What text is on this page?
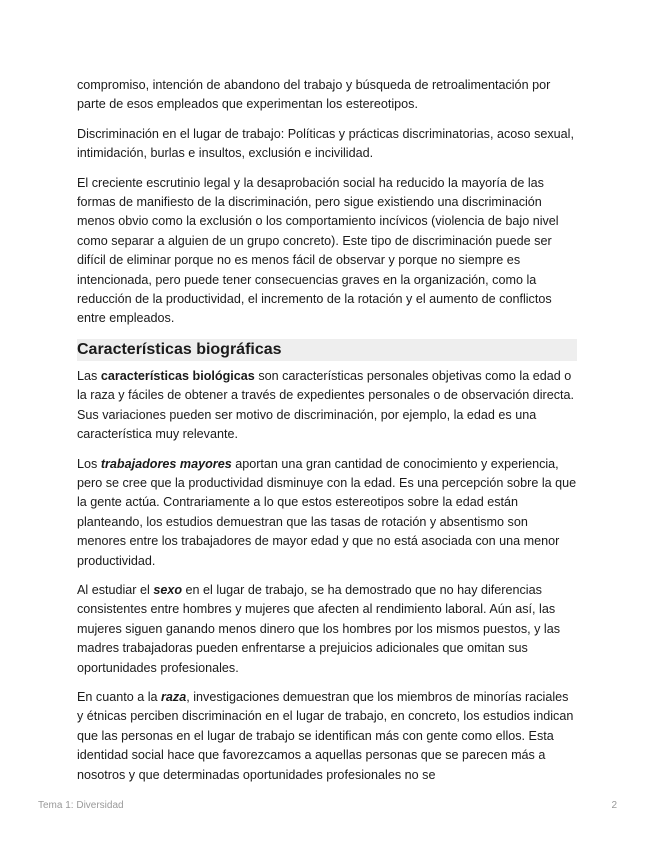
compromiso, intención de abandono del trabajo y búsqueda de retroalimentación por parte de esos empleados que experimentan los estereotipos.

Discriminación en el lugar de trabajo: Políticas y prácticas discriminatorias, acoso sexual, intimidación, burlas e insultos, exclusión e incivilidad.

El creciente escrutinio legal y la desaprobación social ha reducido la mayoría de las formas de manifiesto de la discriminación, pero sigue existiendo una discriminación menos obvio como la exclusión o los comportamiento incívicos (violencia de bajo nivel como separar a alguien de un grupo concreto). Este tipo de discriminación puede ser difícil de eliminar porque no es menos fácil de observar y porque no siempre es intencionada, pero puede tener consecuencias graves en la organización, como la reducción de la productividad, el incremento de la rotación y el aumento de conflictos entre empleados.

Características biográficas

Las características biológicas son características personales objetivas como la edad o la raza y fáciles de obtener a través de expedientes personales o de observación directa. Sus variaciones pueden ser motivo de discriminación, por ejemplo, la edad es una característica muy relevante.

Los trabajadores mayores aportan una gran cantidad de conocimiento y experiencia, pero se cree que la productividad disminuye con la edad. Es una percepción sobre la que la gente actúa. Contrariamente a lo que estos estereotipos sobre la edad están planteando, los estudios demuestran que las tasas de rotación y absentismo son menores entre los trabajadores de mayor edad y que no está asociada con una menor productividad.

Al estudiar el sexo en el lugar de trabajo, se ha demostrado que no hay diferencias consistentes entre hombres y mujeres que afecten al rendimiento laboral. Aún así, las mujeres siguen ganando menos dinero que los hombres por los mismos puestos, y las madres trabajadoras pueden enfrentarse a prejuicios adicionales que omitan sus oportunidades profesionales.

En cuanto a la raza, investigaciones demuestran que los miembros de minorías raciales y étnicas perciben discriminación en el lugar de trabajo, en concreto, los estudios indican que las personas en el lugar de trabajo se identifican más con gente como ellos. Esta identidad social hace que favorezcamos a aquellas personas que se parecen más a nosotros y que determinadas oportunidades profesionales no se

Tema 1: Diversidad	2
